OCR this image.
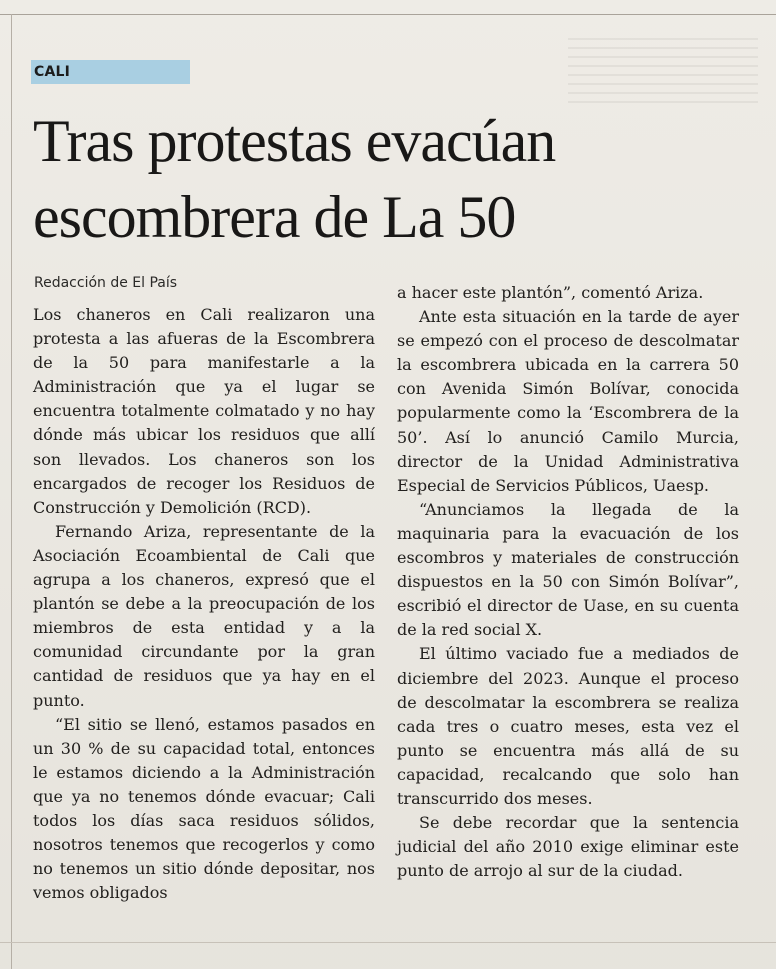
CALI
Tras protestas evacúan escombrera de La 50
Redacción de El País

Los chaneros en Cali realizaron una protesta a las afueras de la Escombrera de la 50 para manifestarle a la Administración que ya el lugar se encuentra totalmente colmatado y no hay dónde más ubicar los residuos que allí son llevados. Los chaneros son los encargados de recoger los Residuos de Construcción y Demolición (RCD).

Fernando Ariza, representante de la Asociación Ecoambiental de Cali que agrupa a los chaneros, expresó que el plantón se debe a la preocupación de los miembros de esta entidad y a la comunidad circundante por la gran cantidad de residuos que ya hay en el punto.

“El sitio se llenó, estamos pasados en un 30 % de su capacidad total, entonces le estamos diciendo a la Administración que ya no tenemos dónde evacuar; Cali todos los días saca residuos sólidos, nosotros tenemos que recogerlos y como no tenemos un sitio dónde depositar, nos vemos obligados

a hacer este plantón”, comentó Ariza.

Ante esta situación en la tarde de ayer se empezó con el proceso de descolmatar la escombrera ubicada en la carrera 50 con Avenida Simón Bolívar, conocida popularmente como la ‘Escombrera de la 50’. Así lo anunció Camilo Murcia, director de la Unidad Administrativa Especial de Servicios Públicos, Uaesp.

“Anunciamos la llegada de la maquinaria para la evacuación de los escombros y materiales de construcción dispuestos en la 50 con Simón Bolívar”, escribió el director de Uase, en su cuenta de la red social X.

El último vaciado fue a mediados de diciembre del 2023. Aunque el proceso de descolmatar la escombrera se realiza cada tres o cuatro meses, esta vez el punto se encuentra más allá de su capacidad, recalcando que solo han transcurrido dos meses.

Se debe recordar que la sentencia judicial del año 2010 exige eliminar este punto de arrojo al sur de la ciudad.
